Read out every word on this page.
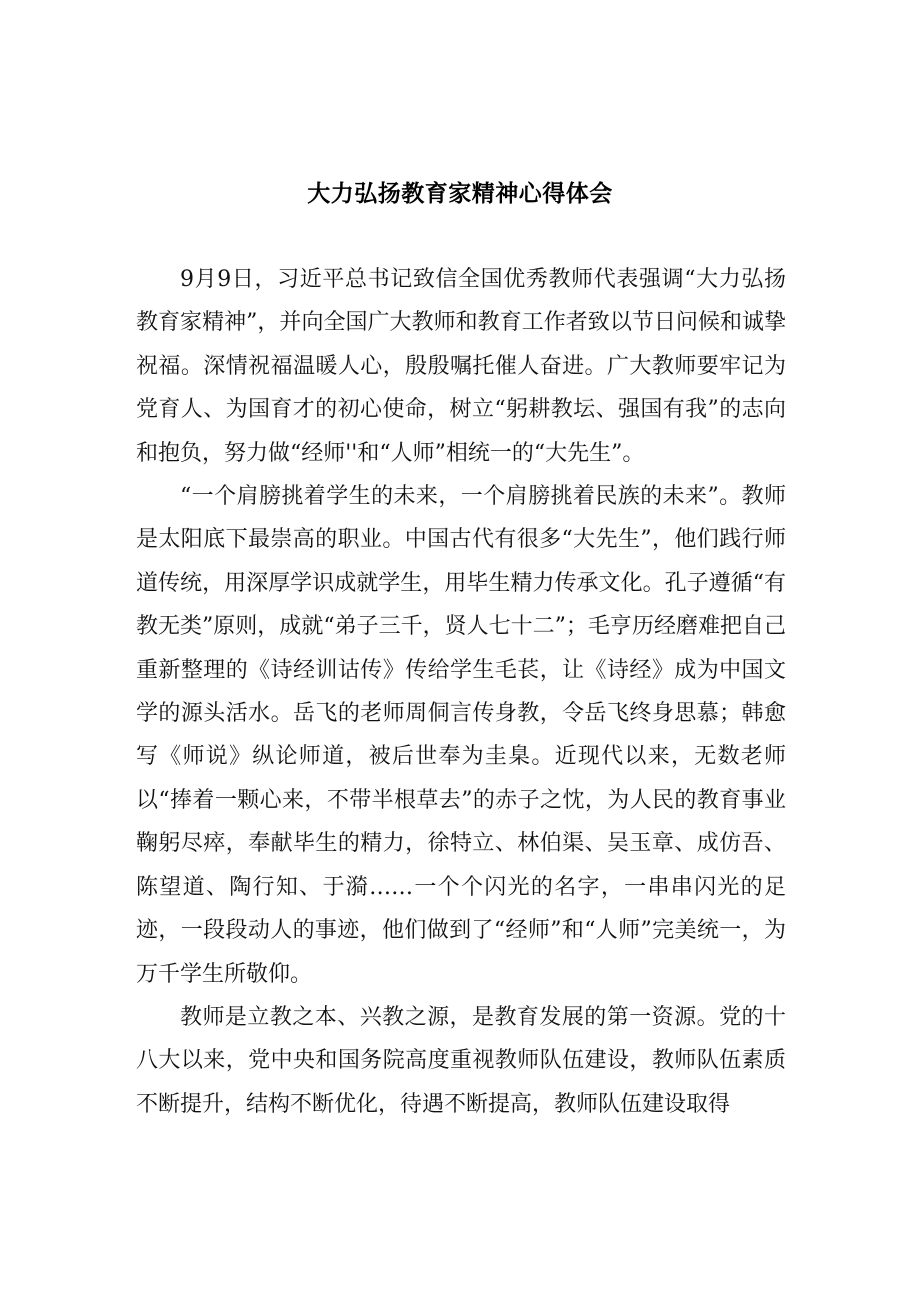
大力弘扬教育家精神心得体会

9月9日，习近平总书记致信全国优秀教师代表强调“大力弘扬教育家精神”，并向全国广大教师和教育工作者致以节日问候和诚挚祝福。深情祝福温暖人心，殷殷嘱托催人奋进。广大教师要牢记为党育人、为国育才的初心使命，树立“躬耕教坛、强国有我”的志向和抱负，努力做“经师''和“人师”相统一的“大先生”。

“一个肩膀挑着学生的未来，一个肩膀挑着民族的未来”。教师是太阳底下最崇高的职业。中国古代有很多“大先生”，他们践行师道传统，用深厚学识成就学生，用毕生精力传承文化。孔子遵循“有教无类”原则，成就“弟子三千，贤人七十二”；毛亨历经磨难把自己重新整理的《诗经训诂传》传给学生毛苌，让《诗经》成为中国文学的源头活水。岳飞的老师周侗言传身教，令岳飞终身思慕；韩愈写《师说》纵论师道，被后世奉为圭臬。近现代以来，无数老师以“捧着一颗心来，不带半根草去”的赤子之忱，为人民的教育事业鞠躬尽瘁，奉献毕生的精力，徐特立、林伯渠、吴玉章、成仿吾、陈望道、陶行知、于漪……一个个闪光的名字，一串串闪光的足迹，一段段动人的事迹，他们做到了“经师”和“人师”完美统一，为万千学生所敬仰。

教师是立教之本、兴教之源，是教育发展的第一资源。党的十八大以来，党中央和国务院高度重视教师队伍建设，教师队伍素质不断提升，结构不断优化，待遇不断提高，教师队伍建设取得
